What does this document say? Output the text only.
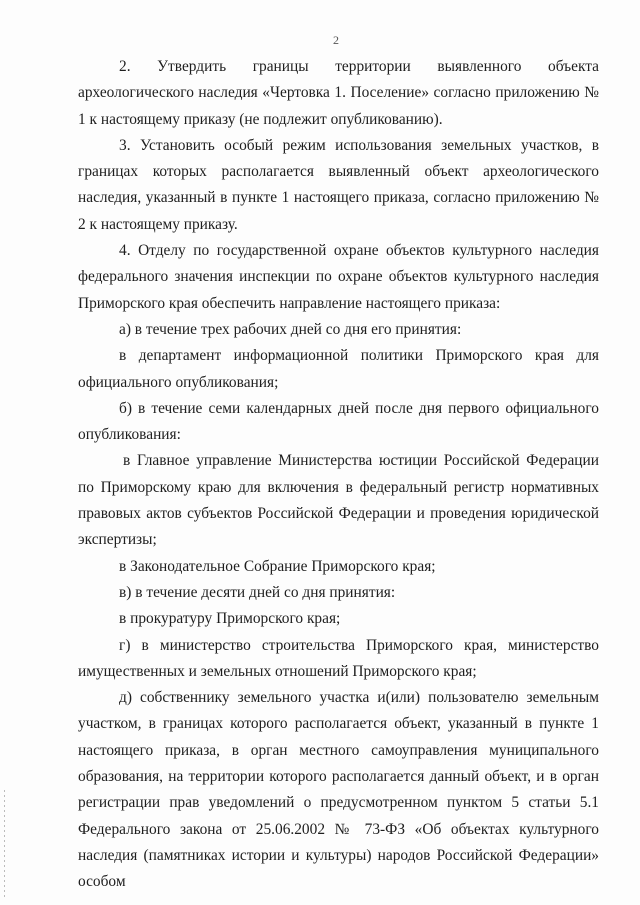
2

2. Утвердить границы территории выявленного объекта археологического наследия «Чертовка 1. Поселение» согласно приложению № 1 к настоящему приказу (не подлежит опубликованию).

3. Установить особый режим использования земельных участков, в границах которых располагается выявленный объект археологического наследия, указанный в пункте 1 настоящего приказа, согласно приложению № 2 к настоящему приказу.

4. Отделу по государственной охране объектов культурного наследия федерального значения инспекции по охране объектов культурного наследия Приморского края обеспечить направление настоящего приказа:

а) в течение трех рабочих дней со дня его принятия:

в департамент информационной политики Приморского края для официального опубликования;

б) в течение семи календарных дней после дня первого официального опубликования:

в Главное управление Министерства юстиции Российской Федерации по Приморскому краю для включения в федеральный регистр нормативных правовых актов субъектов Российской Федерации и проведения юридической экспертизы;

в Законодательное Собрание Приморского края;

в) в течение десяти дней со дня принятия:

в прокуратуру Приморского края;

г) в министерство строительства Приморского края, министерство имущественных и земельных отношений Приморского края;

д) собственнику земельного участка и(или) пользователю земельным участком, в границах которого располагается объект, указанный в пункте 1 настоящего приказа, в орган местного самоуправления муниципального образования, на территории которого располагается данный объект, и в орган регистрации прав уведомлений о предусмотренном пунктом 5 статьи 5.1 Федерального закона от 25.06.2002 № 73-ФЗ «Об объектах культурного наследия (памятниках истории и культуры) народов Российской Федерации» особом
